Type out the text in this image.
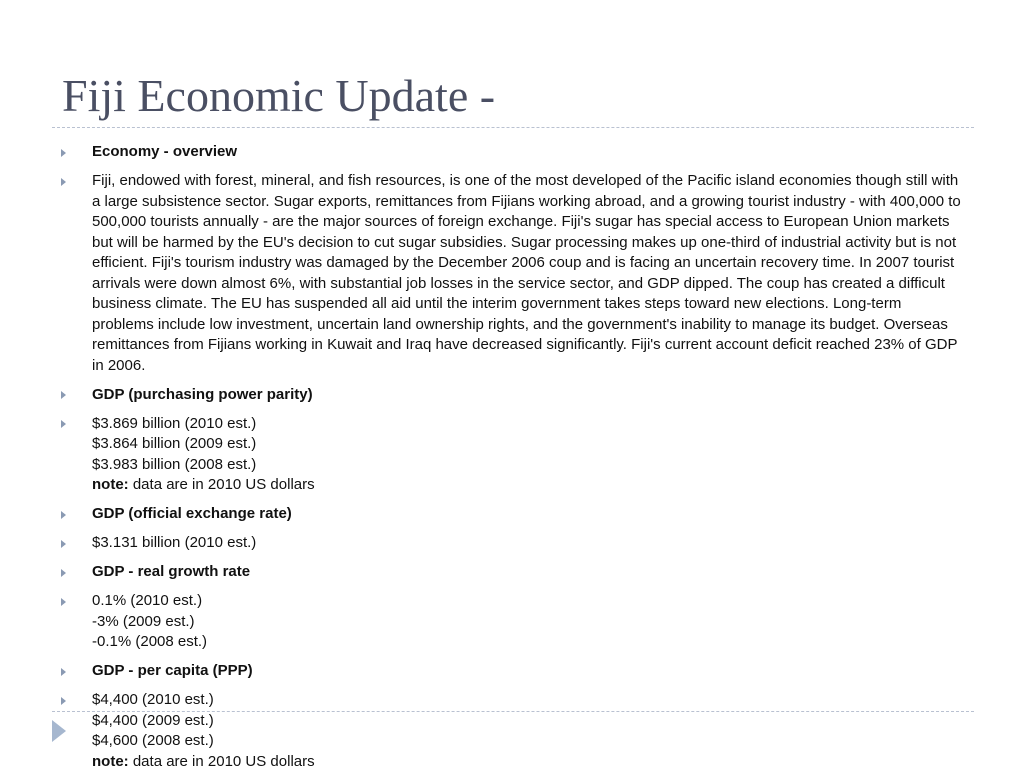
Fiji Economic Update -
Economy - overview
Fiji, endowed with forest, mineral, and fish resources, is one of the most developed of the Pacific island economies though still with a large subsistence sector. Sugar exports, remittances from Fijians working abroad, and a growing tourist industry - with 400,000 to 500,000 tourists annually - are the major sources of foreign exchange. Fiji's sugar has special access to European Union markets but will be harmed by the EU's decision to cut sugar subsidies. Sugar processing makes up one-third of industrial activity but is not efficient. Fiji's tourism industry was damaged by the December 2006 coup and is facing an uncertain recovery time. In 2007 tourist arrivals were down almost 6%, with substantial job losses in the service sector, and GDP dipped. The coup has created a difficult business climate. The EU has suspended all aid until the interim government takes steps toward new elections. Long-term problems include low investment, uncertain land ownership rights, and the government's inability to manage its budget. Overseas remittances from Fijians working in Kuwait and Iraq have decreased significantly. Fiji's current account deficit reached 23% of GDP in 2006.
GDP (purchasing power parity)
$3.869 billion (2010 est.)
$3.864 billion (2009 est.)
$3.983 billion (2008 est.)
note: data are in 2010 US dollars
GDP (official exchange rate)
$3.131 billion (2010 est.)
GDP - real growth rate
0.1% (2010 est.)
-3% (2009 est.)
-0.1% (2008 est.)
GDP - per capita (PPP)
$4,400 (2010 est.)
$4,400 (2009 est.)
$4,600 (2008 est.)
note: data are in 2010 US dollars
